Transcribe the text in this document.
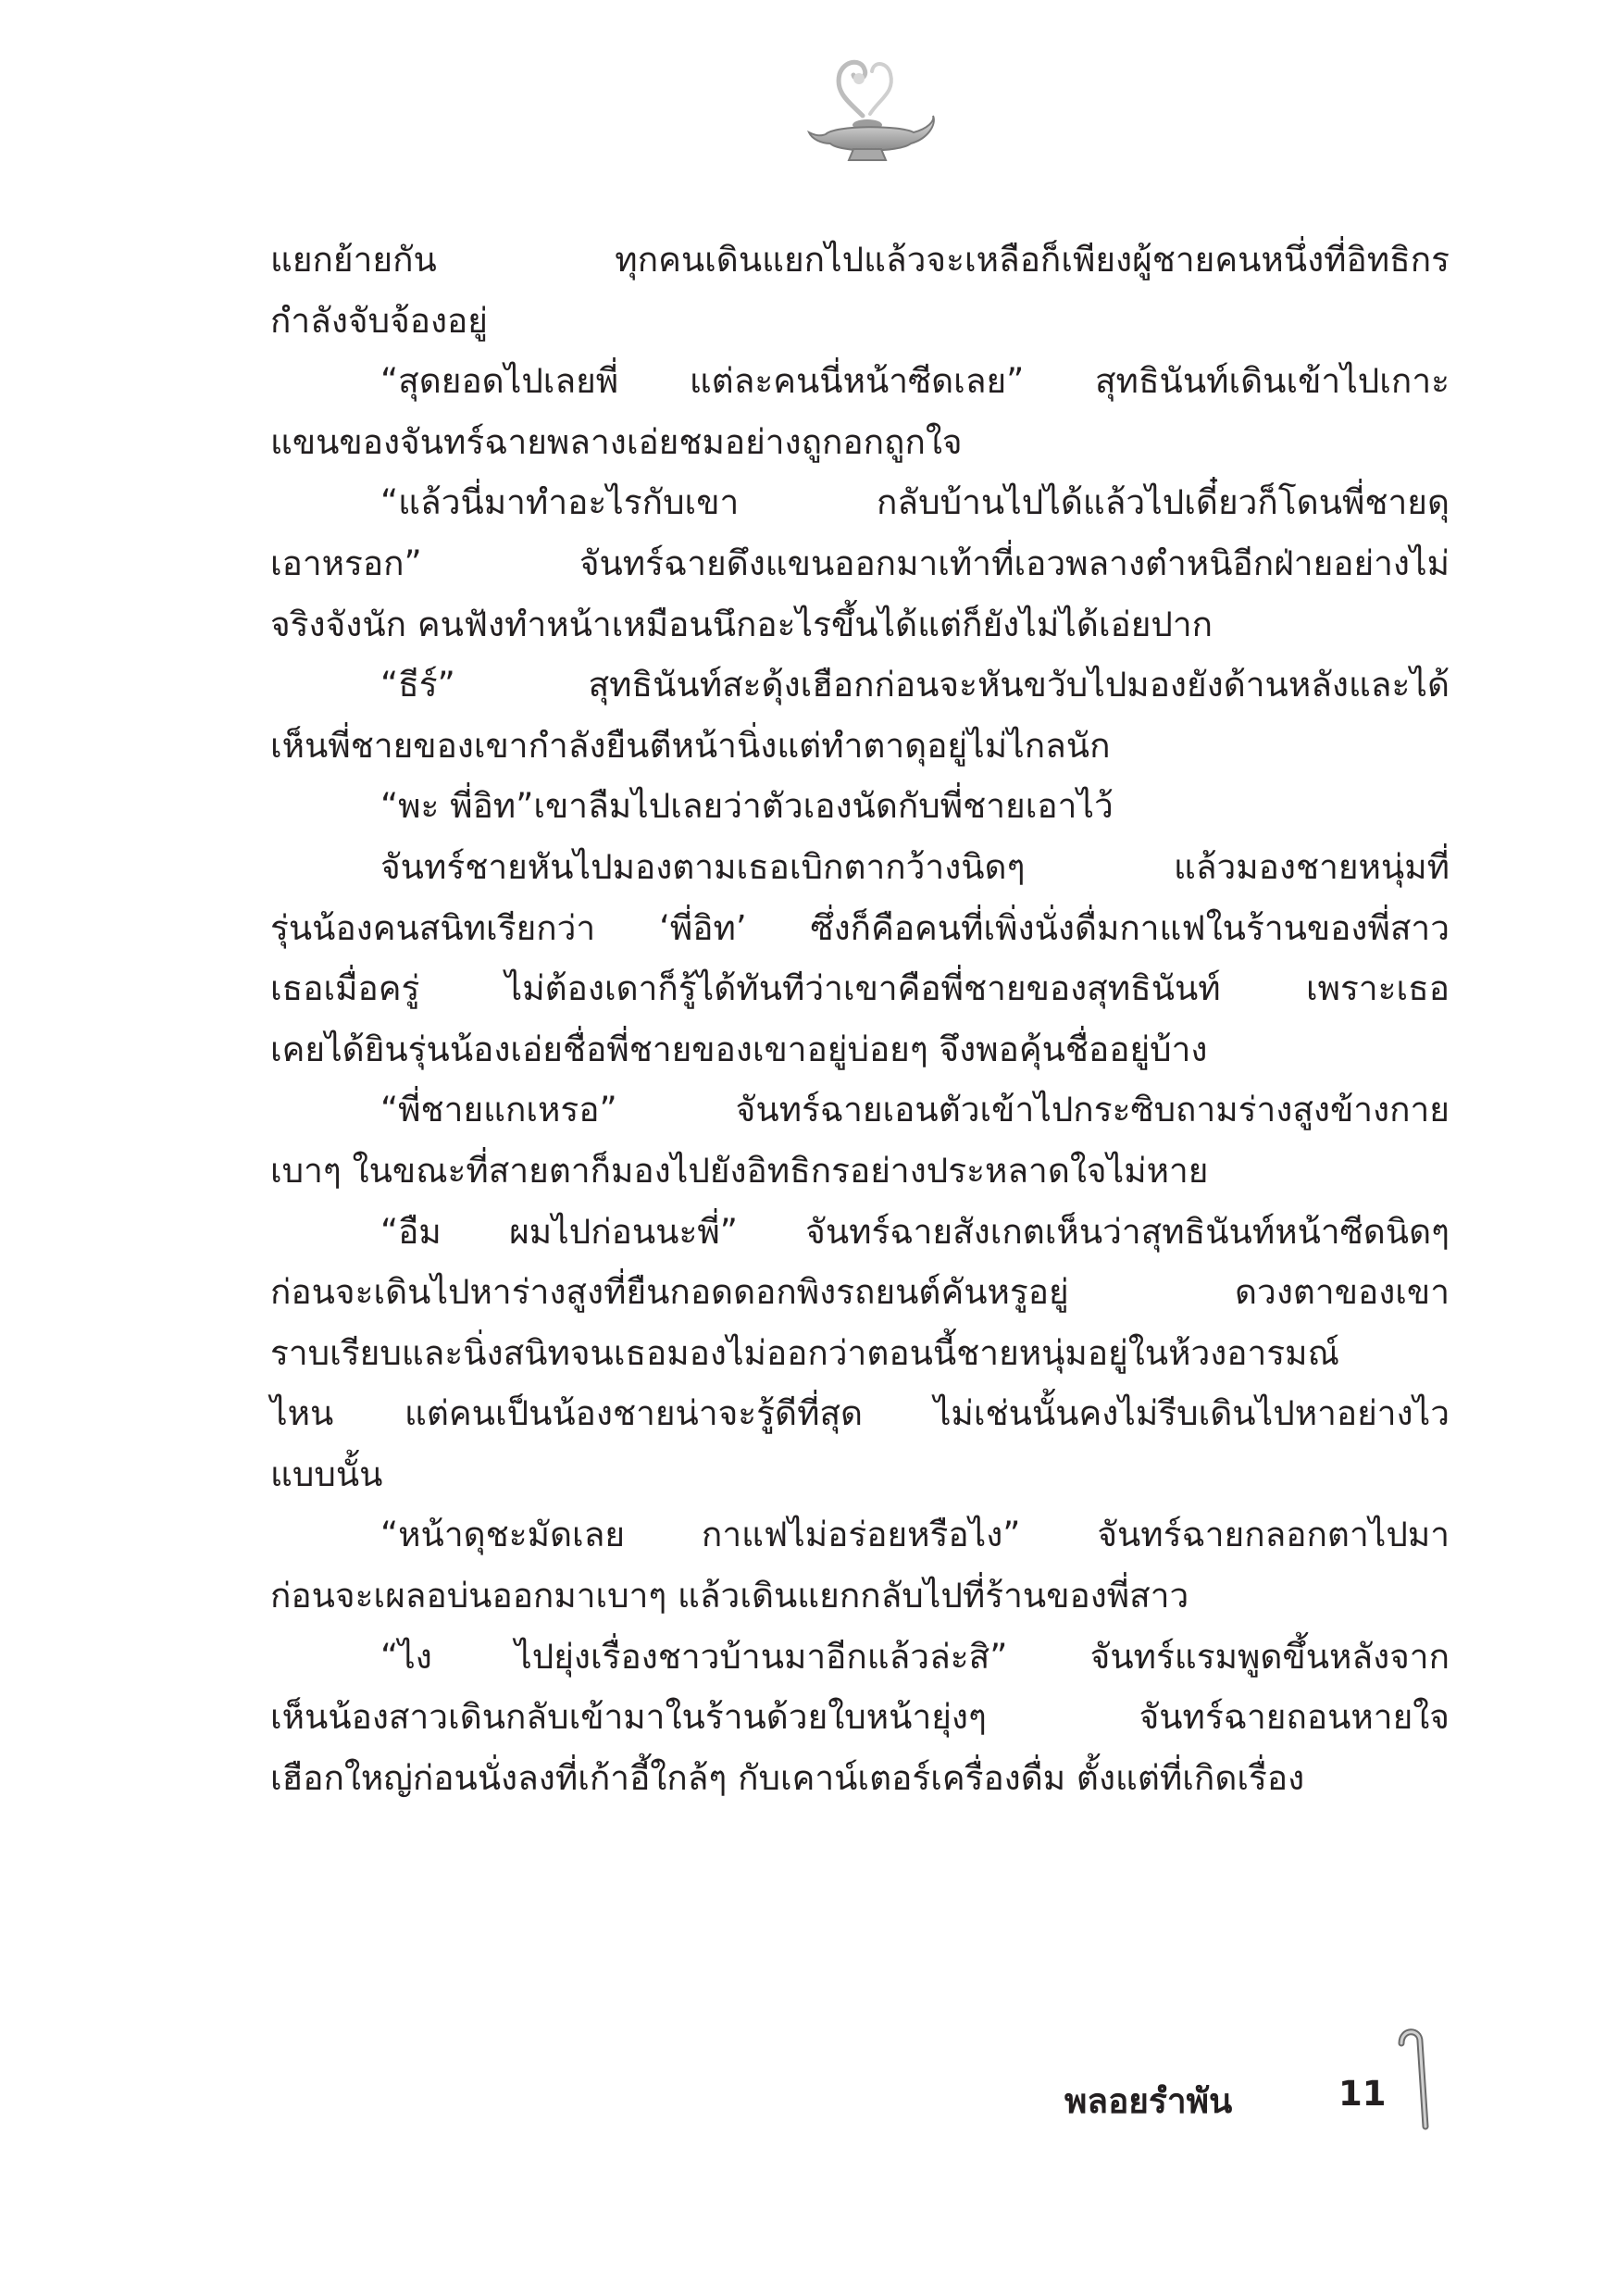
แยกย้ายกัน ทุกคนเดินแยกไปแล้วจะเหลือก็เพียงผู้ชายคนหนึ่งที่อิทธิกร
กำลังจับจ้องอยู่
“สุดยอดไปเลยพี่ แต่ละคนนี่หน้าซีดเลย” สุทธินันท์เดินเข้าไปเกาะ
แขนของจันทร์ฉายพลางเอ่ยชมอย่างถูกอกถูกใจ
“แล้วนี่มาทำอะไรกับเขา กลับบ้านไปได้แล้วไปเดี๋ยวก็โดนพี่ชายดุ
เอาหรอก” จันทร์ฉายดึงแขนออกมาเท้าที่เอวพลางตำหนิอีกฝ่ายอย่างไม่
จริงจังนัก คนฟังทำหน้าเหมือนนึกอะไรขึ้นได้แต่ก็ยังไม่ได้เอ่ยปาก
“ธีร์” สุทธินันท์สะดุ้งเฮือกก่อนจะหันขวับไปมองยังด้านหลังและได้
เห็นพี่ชายของเขากำลังยืนตีหน้านิ่งแต่ทำตาดุอยู่ไม่ไกลนัก
“พะ พี่อิท”เขาลืมไปเลยว่าตัวเองนัดกับพี่ชายเอาไว้
จันทร์ชายหันไปมองตามเธอเบิกตากว้างนิดๆ แล้วมองชายหนุ่มที่
รุ่นน้องคนสนิทเรียกว่า ‘พี่อิท’ ซึ่งก็คือคนที่เพิ่งนั่งดื่มกาแฟในร้านของพี่สาว
เธอเมื่อครู่ ไม่ต้องเดาก็รู้ได้ทันทีว่าเขาคือพี่ชายของสุทธินันท์ เพราะเธอ
เคยได้ยินรุ่นน้องเอ่ยชื่อพี่ชายของเขาอยู่บ่อยๆ จึงพอคุ้นชื่ออยู่บ้าง
“พี่ชายแกเหรอ” จันทร์ฉายเอนตัวเข้าไปกระซิบถามร่างสูงข้างกาย
เบาๆ ในขณะที่สายตาก็มองไปยังอิทธิกรอย่างประหลาดใจไม่หาย
“อืม ผมไปก่อนนะพี่” จันทร์ฉายสังเกตเห็นว่าสุทธินันท์หน้าซีดนิดๆ
ก่อนจะเดินไปหาร่างสูงที่ยืนกอดดอกพิงรถยนต์คันหรูอยู่ ดวงตาของเขา
ราบเรียบและนิ่งสนิทจนเธอมองไม่ออกว่าตอนนี้ชายหนุ่มอยู่ในห้วงอารมณ์
ไหน แต่คนเป็นน้องชายน่าจะรู้ดีที่สุด ไม่เช่นนั้นคงไม่รีบเดินไปหาอย่างไว
แบบนั้น
“หน้าดุชะมัดเลย กาแฟไม่อร่อยหรือไง” จันทร์ฉายกลอกตาไปมา
ก่อนจะเผลอบ่นออกมาเบาๆ แล้วเดินแยกกลับไปที่ร้านของพี่สาว
“ไง ไปยุ่งเรื่องชาวบ้านมาอีกแล้วล่ะสิ” จันทร์แรมพูดขึ้นหลังจาก
เห็นน้องสาวเดินกลับเข้ามาในร้านด้วยใบหน้ายุ่งๆ จันทร์ฉายถอนหายใจ
เฮือกใหญ่ก่อนนั่งลงที่เก้าอี้ใกล้ๆ กับเคาน์เตอร์เครื่องดื่ม ตั้งแต่ที่เกิดเรื่อง
พลอยรำพัน	11
